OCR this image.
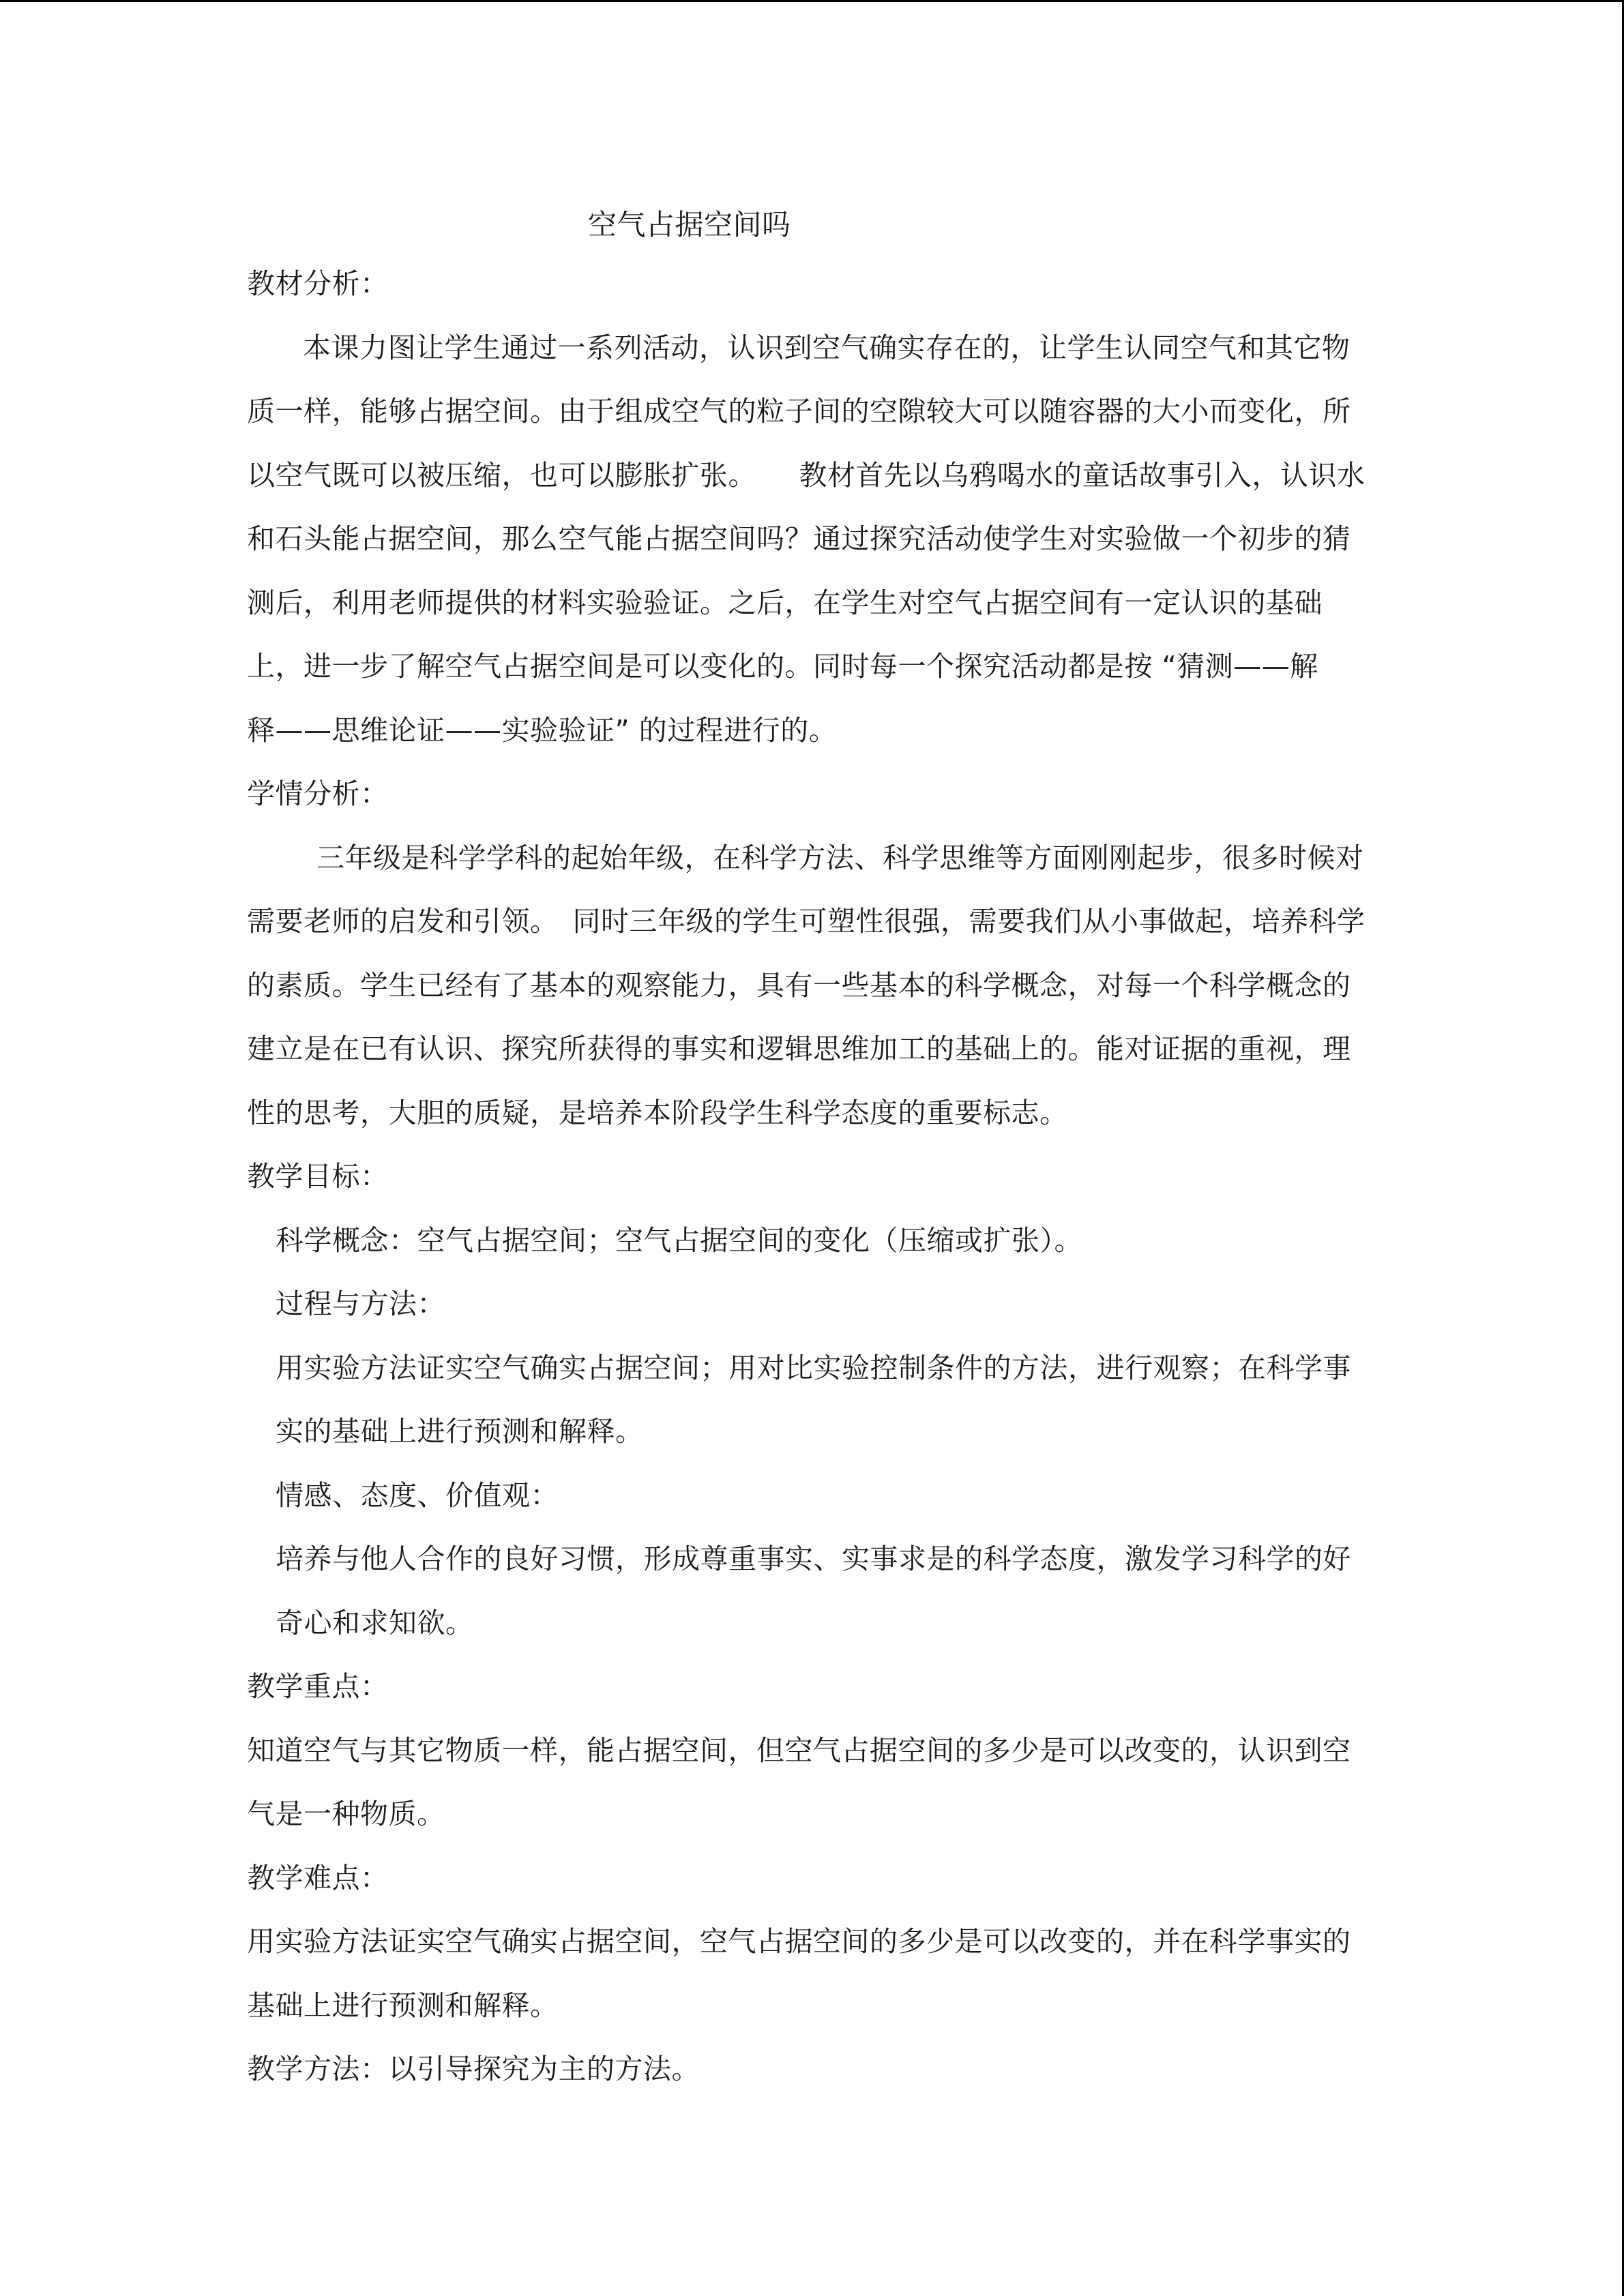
空气占据空间吗
教材分析：
本课力图让学生通过一系列活动，认识到空气确实存在的，让学生认同空气和其它物
质一样，能够占据空间。由于组成空气的粒子间的空隙较大可以随容器的大小而变化，所
以空气既可以被压缩，也可以膨胀扩张。　　教材首先以乌鸦喝水的童话故事引入，认识水
和石头能占据空间，那么空气能占据空间吗？通过探究活动使学生对实验做一个初步的猜
测后，利用老师提供的材料实验验证。之后，在学生对空气占据空间有一定认识的基础
上，进一步了解空气占据空间是可以变化的。同时每一个探究活动都是按 “猜测——解
释——思维论证——实验验证” 的过程进行的。
学情分析：
三年级是科学学科的起始年级，在科学方法、科学思维等方面刚刚起步，很多时候对
需要老师的启发和引领。　同时三年级的学生可塑性很强，需要我们从小事做起，培养科学
的素质。学生已经有了基本的观察能力，具有一些基本的科学概念，对每一个科学概念的
建立是在已有认识、探究所获得的事实和逻辑思维加工的基础上的。能对证据的重视，理
性的思考，大胆的质疑，是培养本阶段学生科学态度的重要标志。
教学目标：
科学概念：空气占据空间；空气占据空间的变化（压缩或扩张）。
过程与方法：
用实验方法证实空气确实占据空间；用对比实验控制条件的方法，进行观察；在科学事
实的基础上进行预测和解释。
情感、态度、价值观：
培养与他人合作的良好习惯，形成尊重事实、实事求是的科学态度，激发学习科学的好
奇心和求知欲。
教学重点：
知道空气与其它物质一样，能占据空间，但空气占据空间的多少是可以改变的，认识到空
气是一种物质。
教学难点：
用实验方法证实空气确实占据空间，空气占据空间的多少是可以改变的，并在科学事实的
基础上进行预测和解释。
教学方法：以引导探究为主的方法。
